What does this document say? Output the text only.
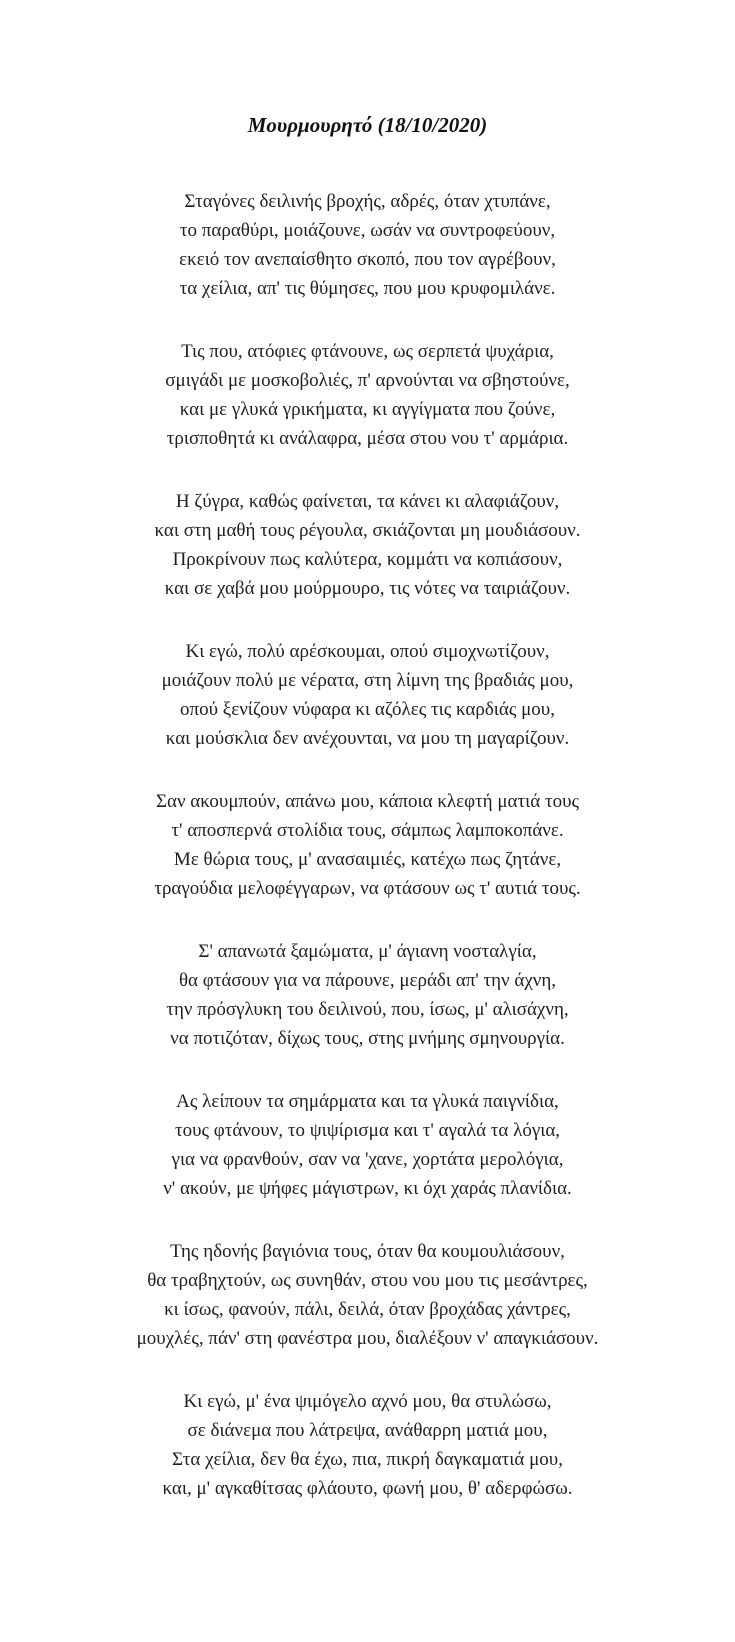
Μουρμουρητό (18/10/2020)
Σταγόνες δειλινής βροχής, αδρές, όταν χτυπάνε,
το παραθύρι, μοιάζουνε, ωσάν να συντροφεύουν,
εκειό τον ανεπαίσθητο σκοπό, που τον αγρέβουν,
τα χείλια, απ' τις θύμησες, που μου κρυφομιλάνε.
Τις που, ατόφιες φτάνουνε, ως σερπετά ψυχάρια,
σμιγάδι με μοσκοβολιές, π' αρνούνται να σβηστούνε,
και με γλυκά γρικήματα, κι αγγίγματα που ζούνε,
τρισποθητά κι ανάλαφρα, μέσα στου νου τ' αρμάρια.
Η ζύγρα, καθώς φαίνεται, τα κάνει κι αλαφιάζουν,
και στη μαθή τους ρέγουλα, σκιάζονται μη μουδιάσουν.
Προκρίνουν πως καλύτερα, κομμάτι να κοπιάσουν,
και σε χαβά μου μούρμουρο, τις νότες να ταιριάζουν.
Κι εγώ, πολύ αρέσκουμαι, οπού σιμοχνωτίζουν,
μοιάζουν πολύ με νέρατα, στη λίμνη της βραδιάς μου,
οπού ξενίζουν νύφαρα κι αζόλες τις καρδιάς μου,
και μούσκλια δεν ανέχουνται, να μου τη μαγαρίζουν.
Σαν ακουμπούν, απάνω μου, κάποια κλεφτή ματιά τους
τ' αποσπερνά στολίδια τους, σάμπως λαμποκοπάνε.
Με θώρια τους, μ' ανασαιμιές, κατέχω πως ζητάνε,
τραγούδια μελοφέγγαρων, να φτάσουν ως τ' αυτιά τους.
Σ' απανωτά ξαμώματα, μ' άγιανη νοσταλγία,
θα φτάσουν για να πάρουνε, μεράδι απ' την άχνη,
την πρόσγλυκη του δειλινού, που, ίσως, μ' αλισάχνη,
να ποτιζόταν, δίχως τους, στης μνήμης σμηνουργία.
Ας λείπουν τα σημάρματα και τα γλυκά παιγνίδια,
τους φτάνουν, το ψιψίρισμα και τ' αγαλά τα λόγια,
για να φρανθούν, σαν να 'χανε, χορτάτα μερολόγια,
ν' ακούν, με ψήφες μάγιστρων, κι όχι χαράς πλανίδια.
Της ηδονής βαγιόνια τους, όταν θα κουμουλιάσουν,
θα τραβηχτούν, ως συνηθάν, στου νου μου τις μεσάντρες,
κι ίσως, φανούν, πάλι, δειλά, όταν βροχάδας χάντρες,
μουχλές, πάν' στη φανέστρα μου, διαλέξουν ν' απαγκιάσουν.
Κι εγώ, μ' ένα ψιμόγελο αχνό μου, θα στυλώσω,
σε διάνεμα που λάτρεψα, ανάθαρρη ματιά μου,
Στα χείλια, δεν θα έχω, πια, πικρή δαγκαματιά μου,
και, μ' αγκαθίτσας φλάουτο, φωνή μου, θ' αδερφώσω.
